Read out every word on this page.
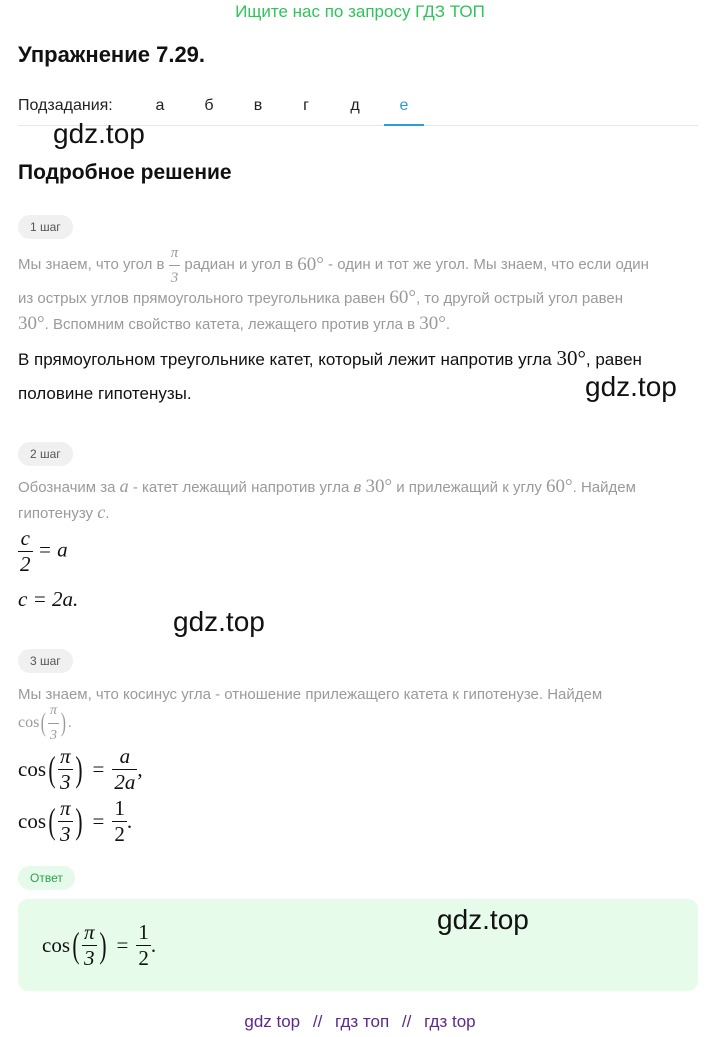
Ищите нас по запросу ГДЗ ТОП
Упражнение 7.29.
Подзадания:	а	б	в	г	д	е
gdz.top
Подробное решение
1 шаг
Мы знаем, что угол в
$\frac{\pi}{3}$
радиан и угол в
60°
- один и тот же угол. Мы знаем, что если один
из острых углов прямоугольного треугольника равен 60°, то другой острый угол равен
30°. Вспомним свойство катета, лежащего против угла в 30°.
В прямоугольном треугольнике катет, который лежит напротив угла 30°, равен
половине гипотенузы.	gdz.top
2 шаг
Обозначим за a - катет лежащий напротив угла в 30° и прилежащий к углу 60°. Найдем
гипотенузу c.
$\frac{c}{2} = a$
c = 2a.
gdz.top
3 шаг
Мы знаем, что косинус угла - отношение прилежащего катета к гипотенузе. Найдем
cos ( $\frac{\pi}{3}$ ) .
cos ( $\frac{\pi}{3}$ ) = $\frac{a}{2a}$ ,
cos ( $\frac{\pi}{3}$ ) = $\frac{1}{2}$ .
Ответ
cos ( $\frac{\pi}{3}$ ) = $\frac{1}{2}$ .
gdz.top
gdz top // гдз топ // гдз top
